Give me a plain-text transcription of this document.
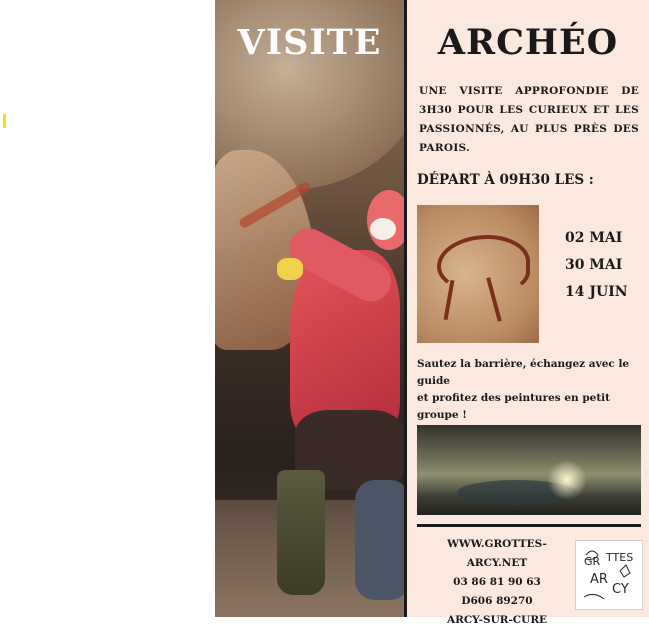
VISITE	ARCHÉO
UNE VISITE APPROFONDIE DE 3H30 POUR LES CURIEUX ET LES PASSIONNÉS, AU PLUS PRÈS DES PAROIS.
DÉPART À 09H30 LES :
02 MAI
30 MAI
14 JUIN
Sautez la barrière, échangez avec le guide
et profitez des peintures en petit groupe !
WWW.GROTTES-ARCY.NET
03 86 81 90 63
D606 89270
ARCY-SUR-CURE
GR TTES
AR
CY
